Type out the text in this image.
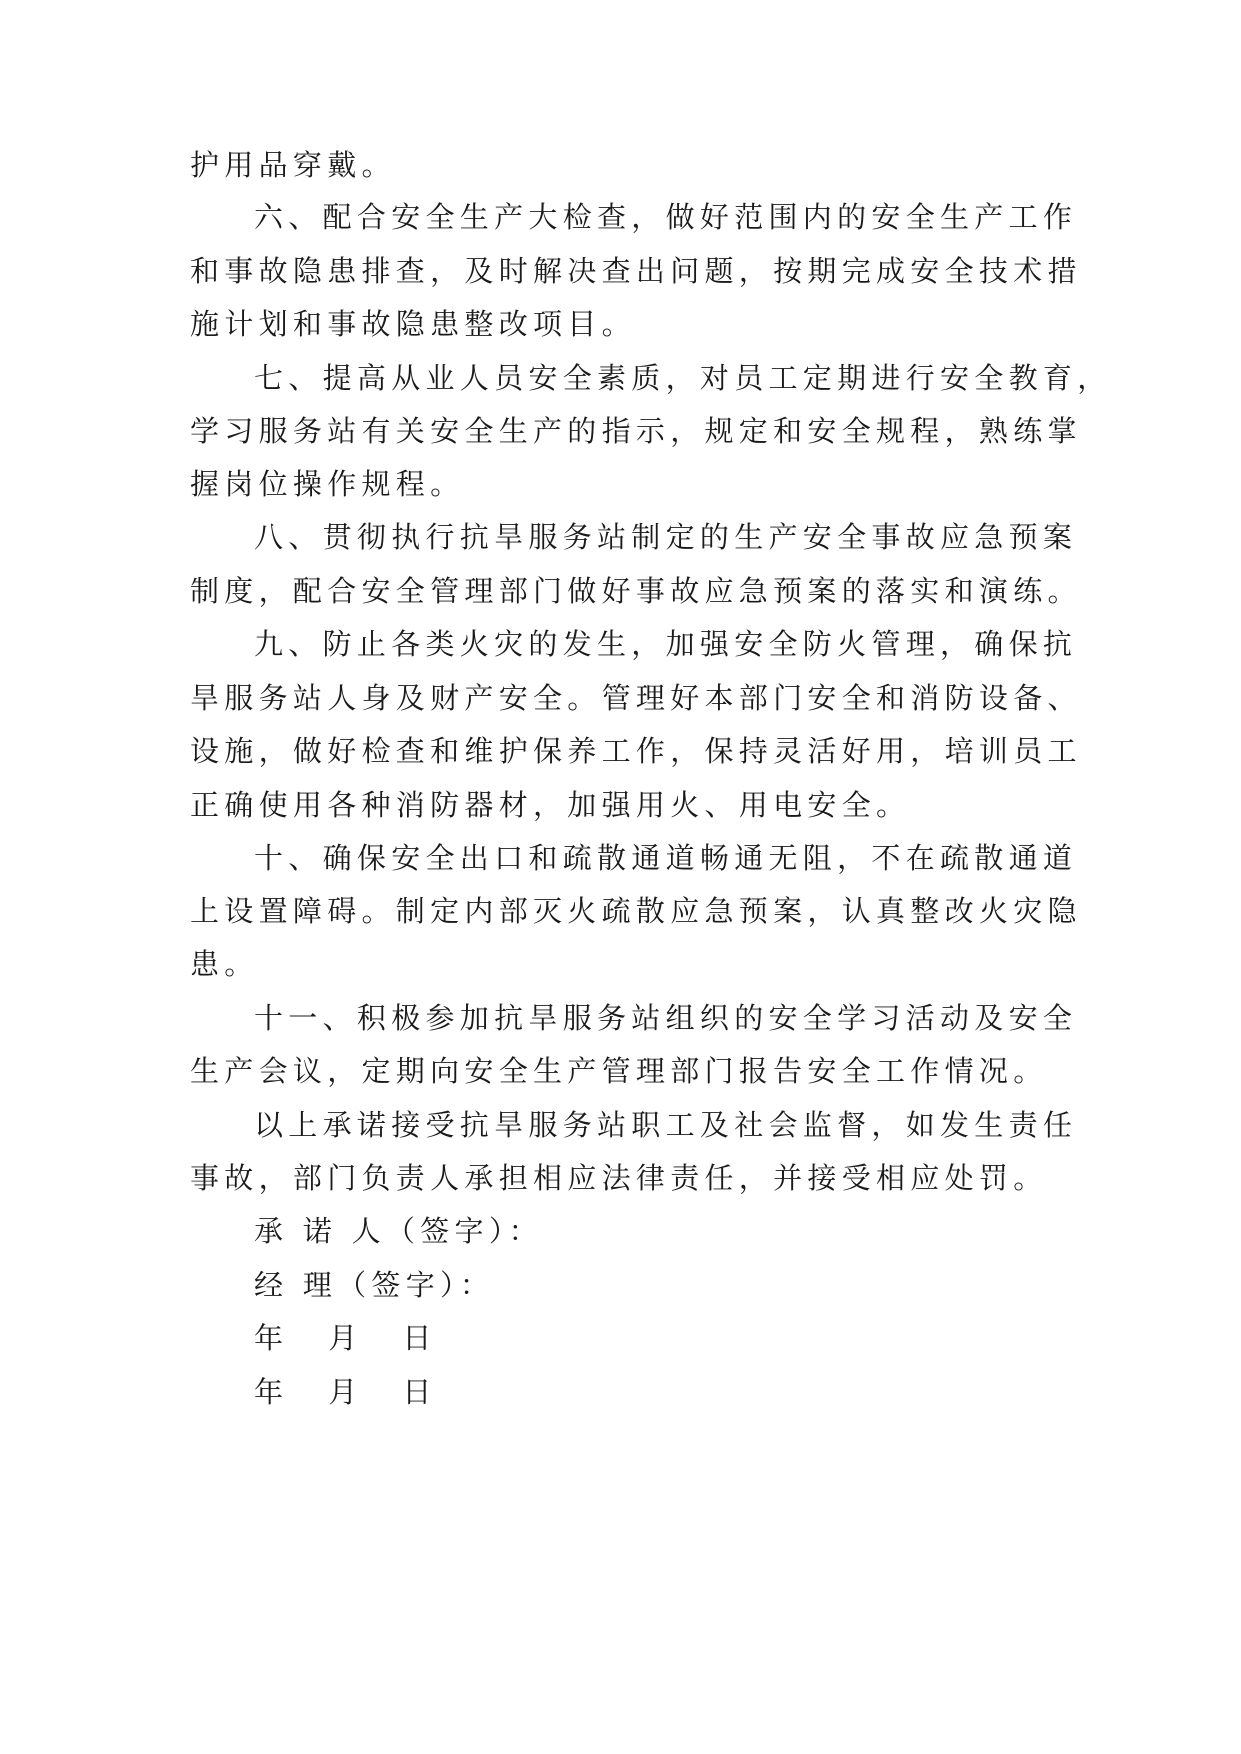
护用品穿戴。
六、配合安全生产大检查，做好范围内的安全生产工作
和事故隐患排查，及时解决查出问题，按期完成安全技术措
施计划和事故隐患整改项目。
七、提高从业人员安全素质，对员工定期进行安全教育，
学习服务站有关安全生产的指示，规定和安全规程，熟练掌
握岗位操作规程。
八、贯彻执行抗旱服务站制定的生产安全事故应急预案
制度，配合安全管理部门做好事故应急预案的落实和演练。
九、防止各类火灾的发生，加强安全防火管理，确保抗
旱服务站人身及财产安全。管理好本部门安全和消防设备、
设施，做好检查和维护保养工作，保持灵活好用，培训员工
正确使用各种消防器材，加强用火、用电安全。
十、确保安全出口和疏散通道畅通无阻，不在疏散通道
上设置障碍。制定内部灭火疏散应急预案，认真整改火灾隐
患。
十一、积极参加抗旱服务站组织的安全学习活动及安全
生产会议，定期向安全生产管理部门报告安全工作情况。
以上承诺接受抗旱服务站职工及社会监督，如发生责任
事故，部门负责人承担相应法律责任，并接受相应处罚。
承 诺 人（签字）：
经 理（签字）：
年 月 日
年 月 日
